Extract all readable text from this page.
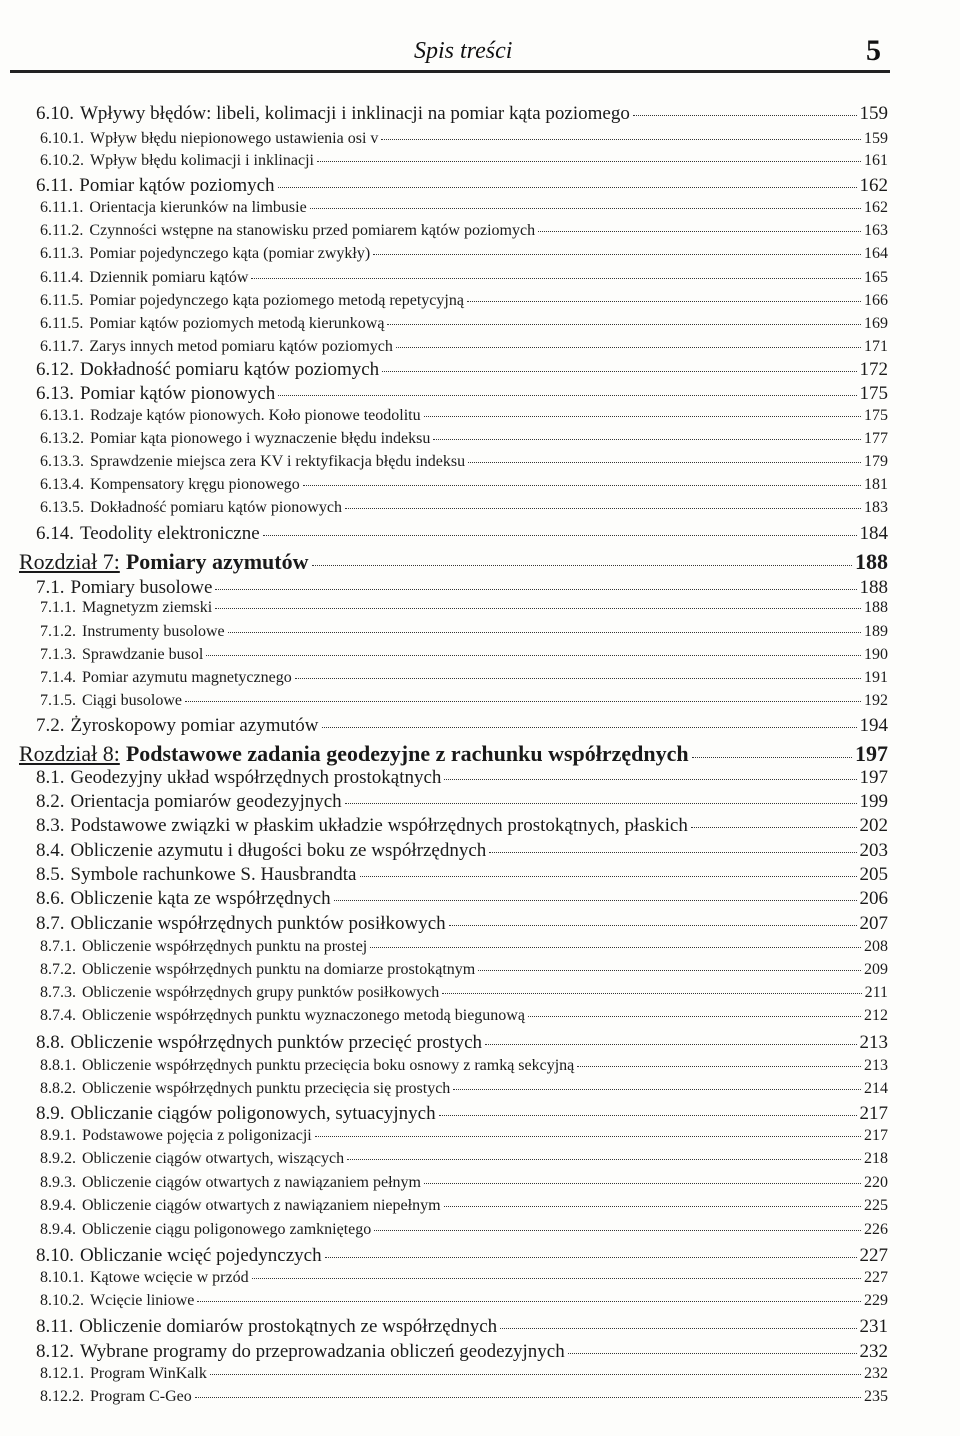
Spis treści	5
6.10. Wpływy błędów: libeli, kolimacji i inklinacji na pomiar kąta poziomego	159
6.10.1. Wpływ błędu niepionowego ustawienia osi v	159
6.10.2. Wpływ błędu kolimacji i inklinacji	161
6.11. Pomiar kątów poziomych	162
6.11.1. Orientacja kierunków na limbusie	162
6.11.2. Czynności wstępne na stanowisku przed pomiarem kątów poziomych	163
6.11.3. Pomiar pojedynczego kąta (pomiar zwykły)	164
6.11.4. Dziennik pomiaru kątów	165
6.11.5. Pomiar pojedynczego kąta poziomego metodą repetycyjną	166
6.11.5. Pomiar kątów poziomych metodą kierunkową	169
6.11.7. Zarys innych metod pomiaru kątów poziomych	171
6.12. Dokładność pomiaru kątów poziomych	172
6.13. Pomiar kątów pionowych	175
6.13.1. Rodzaje kątów pionowych. Koło pionowe teodolitu	175
6.13.2. Pomiar kąta pionowego i wyznaczenie błędu indeksu	177
6.13.3. Sprawdzenie miejsca zera KV i rektyfikacja błędu indeksu	179
6.13.4. Kompensatory kręgu pionowego	181
6.13.5. Dokładność pomiaru kątów pionowych	183
6.14. Teodolity elektroniczne	184
Rozdział 7: Pomiary azymutów	188
7.1. Pomiary busolowe	188
7.1.1. Magnetyzm ziemski	188
7.1.2. Instrumenty busolowe	189
7.1.3. Sprawdzanie busol	190
7.1.4. Pomiar azymutu magnetycznego	191
7.1.5. Ciągi busolowe	192
7.2. Żyroskopowy pomiar azymutów	194
Rozdział 8: Podstawowe zadania geodezyjne z rachunku współrzędnych	197
8.1. Geodezyjny układ współrzędnych prostokątnych	197
8.2. Orientacja pomiarów geodezyjnych	199
8.3. Podstawowe związki w płaskim układzie współrzędnych prostokątnych, płaskich	202
8.4. Obliczenie azymutu i długości boku ze współrzędnych	203
8.5. Symbole rachunkowe S. Hausbrandta	205
8.6. Obliczenie kąta ze współrzędnych	206
8.7. Obliczanie współrzędnych punktów posiłkowych	207
8.7.1. Obliczenie współrzędnych punktu na prostej	208
8.7.2. Obliczenie współrzędnych punktu na domiarze prostokątnym	209
8.7.3. Obliczenie współrzędnych grupy punktów posiłkowych	211
8.7.4. Obliczenie współrzędnych punktu wyznaczonego metodą biegunową	212
8.8. Obliczenie współrzędnych punktów przecięć prostych	213
8.8.1. Obliczenie współrzędnych punktu przecięcia boku osnowy z ramką sekcyjną	213
8.8.2. Obliczenie współrzędnych punktu przecięcia się prostych	214
8.9. Obliczanie ciągów poligonowych, sytuacyjnych	217
8.9.1. Podstawowe pojęcia z poligonizacji	217
8.9.2. Obliczenie ciągów otwartych, wiszących	218
8.9.3. Obliczenie ciągów otwartych z nawiązaniem pełnym	220
8.9.4. Obliczenie ciągów otwartych z nawiązaniem niepełnym	225
8.9.4. Obliczenie ciągu poligonowego zamkniętego	226
8.10. Obliczanie wcięć pojedynczych	227
8.10.1. Kątowe wcięcie w przód	227
8.10.2. Wcięcie liniowe	229
8.11. Obliczenie domiarów prostokątnych ze współrzędnych	231
8.12. Wybrane programy do przeprowadzania obliczeń geodezyjnych	232
8.12.1. Program WinKalk	232
8.12.2. Program C-Geo	235
